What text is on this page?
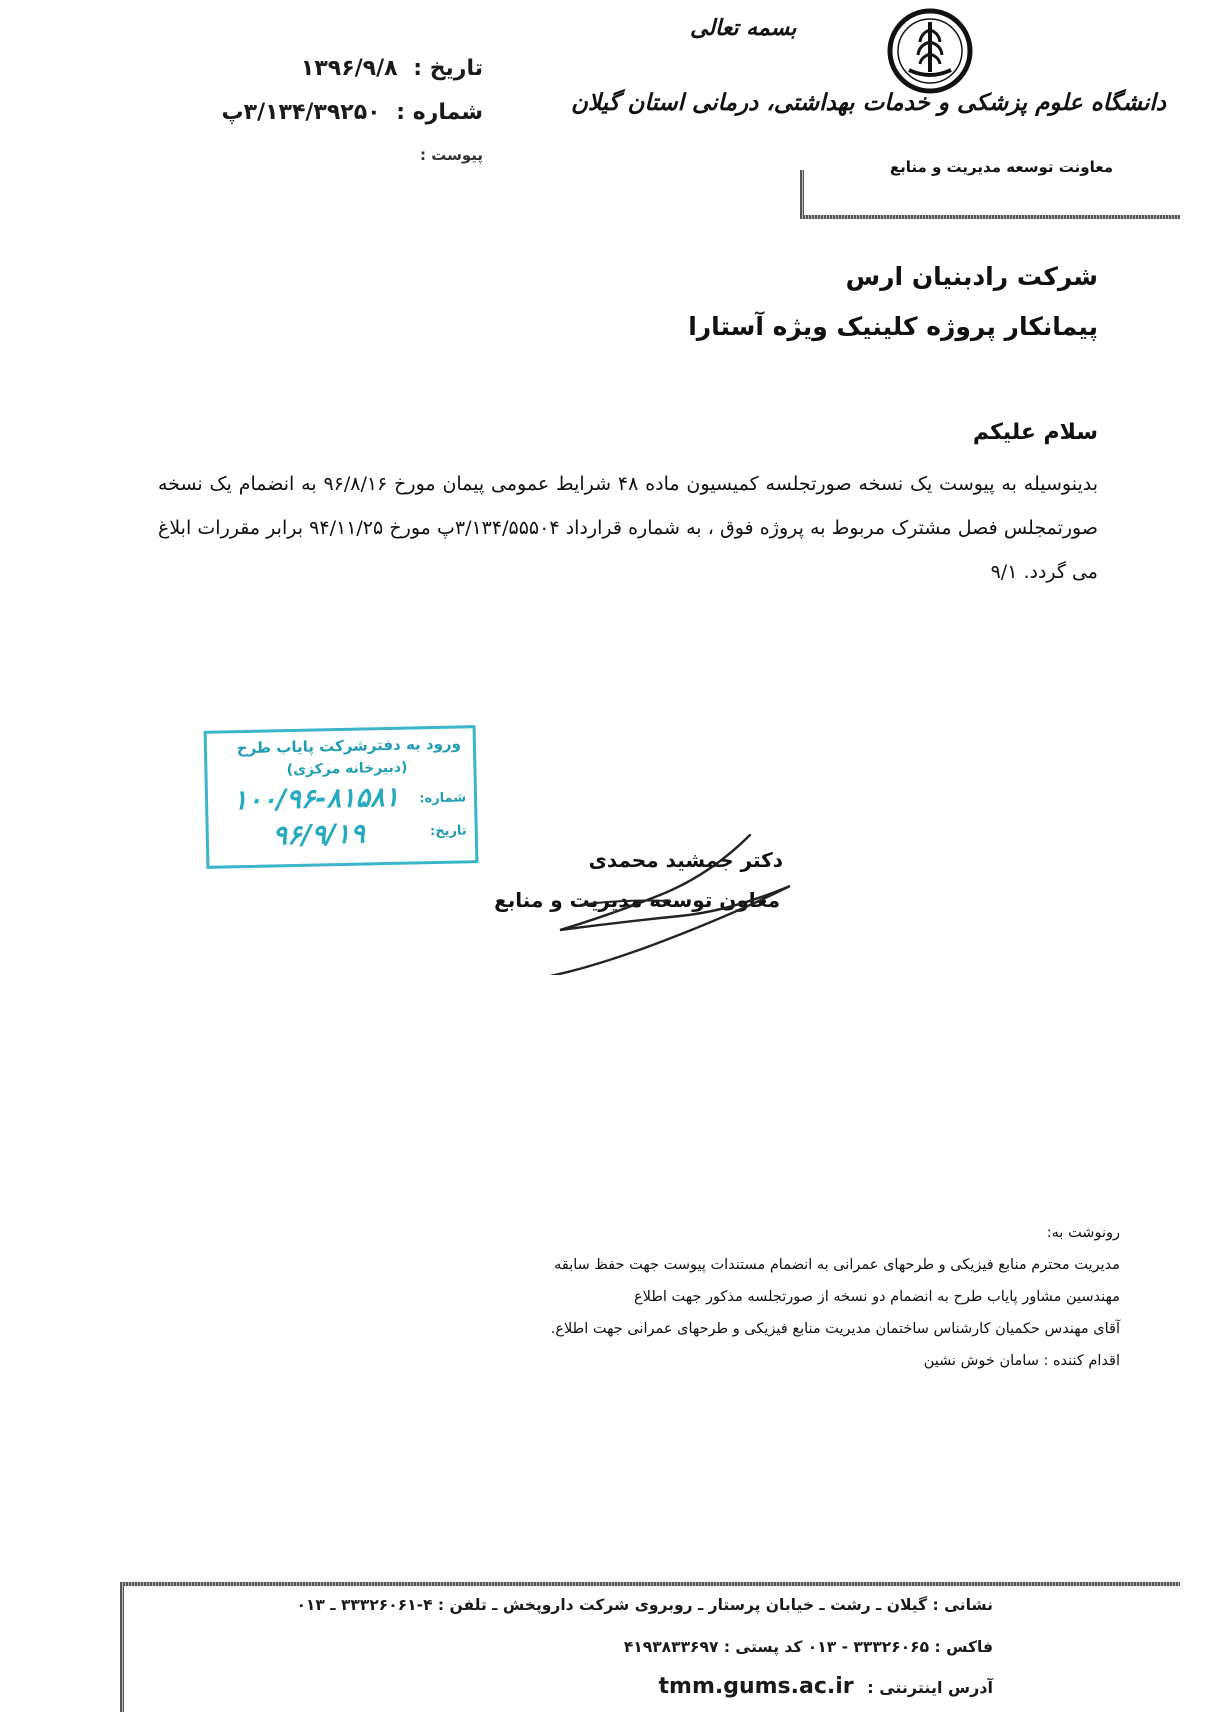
تاریخ : ۱۳۹۶/۹/۸
شماره : ۳/۱۳۴/۳۹۲۵۰پ
پیوست :
بسمه تعالی
دانشگاه علوم پزشکی و خدمات بهداشتی، درمانی استان گیلان
معاونت توسعه مدیریت و منابع
شرکت رادبنیان ارس
پیمانکار پروژه کلینیک ویژه آستارا
سلام علیکم
بدینوسیله به پیوست یک نسخه صورتجلسه کمیسیون ماده ۴۸ شرایط عمومی پیمان مورخ ۹۶/۸/۱۶ به انضمام یک نسخه صورتمجلس فصل مشترک مربوط به پروژه فوق ، به شماره قرارداد ۳/۱۳۴/۵۵۵۰۴پ مورخ ۹۴/۱۱/۲۵ برابر مقررات ابلاغ می گردد. ۹/۱
ورود به دفترشرکت پایاب طرح
(دبیرخانه مرکزی)
شماره:
۱۰۰/۹۶-۸۱۵۸۱
تاریخ:
۹۶/۹/۱۹
دکتر جمشید محمدی
معاون توسعه مدیریت و منابع
رونوشت به:
مدیریت محترم منابع فیزیکی و طرحهای عمرانی به انضمام مستندات پیوست جهت حفظ سابقه
مهندسین مشاور پایاب طرح به انضمام دو نسخه از صورتجلسه مذکور جهت اطلاع
آقای مهندس حکمیان کارشناس ساختمان مدیریت منابع فیزیکی و طرحهای عمرانی جهت اطلاع.
اقدام کننده : سامان خوش نشین
نشانی : گیلان ـ رشت ـ خیابان پرستار ـ روبروی شرکت داروپخش ـ تلفن : ۴-۳۳۳۲۶۰۶۱ ـ ۰۱۳
فاکس : ۳۳۳۲۶۰۶۵ - ۰۱۳ کد پستی : ۴۱۹۳۸۳۳۶۹۷
آدرس اینترنتی : tmm.gums.ac.ir
